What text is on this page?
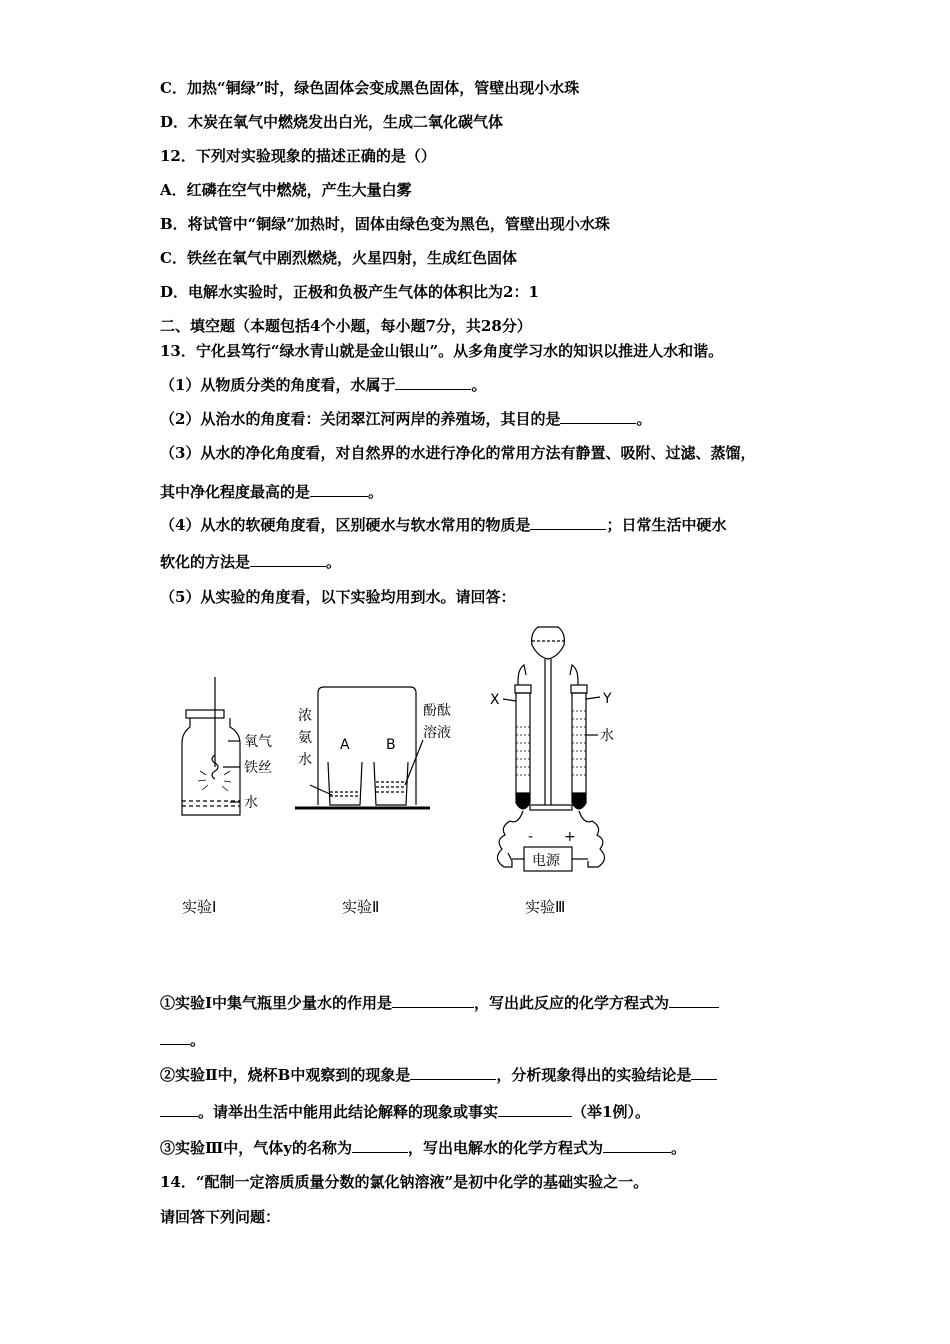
C．加热“铜绿”时，绿色固体会变成黑色固体，管壁出现小水珠
D．木炭在氧气中燃烧发出白光，生成二氧化碳气体
12．下列对实验现象的描述正确的是（）
A．红磷在空气中燃烧，产生大量白雾
B．将试管中“铜绿”加热时，固体由绿色变为黑色，管壁出现小水珠
C．铁丝在氧气中剧烈燃烧，火星四射，生成红色固体
D．电解水实验时，正极和负极产生气体的体积比为2：1
二、填空题（本题包括4个小题，每小题7分，共28分）
13．宁化县笃行“绿水青山就是金山银山”。从多角度学习水的知识以推进人水和谐。
（1）从物质分类的角度看，水属于	。
（2）从治水的角度看：关闭翠江河两岸的养殖场，其目的是	。
（3）从水的净化角度看，对自然界的水进行净化的常用方法有静置、吸附、过滤、蒸馏，
其中净化程度最高的是	。
（4）从水的软硬角度看，区别硬水与软水常用的物质是	；日常生活中硬水
软化的方法是	。
（5）从实验的角度看，以下实验均用到水。请回答：
氧气
铁丝
水
实验Ⅰ
浓
氨
水
A	B
酚酞
溶液
实验Ⅱ
- +
电源
X	Y
水
实验Ⅲ
①实验Ⅰ中集气瓶里少量水的作用是	，写出此反应的化学方程式为
。
②实验Ⅱ中，烧杯B中观察到的现象是	，分析现象得出的实验结论是
。请举出生活中能用此结论解释的现象或事实	（举1例）。
③实验Ⅲ中，气体y的名称为	，写出电解水的化学方程式为	。
14．“配制一定溶质质量分数的氯化钠溶液”是初中化学的基础实验之一。
请回答下列问题：
